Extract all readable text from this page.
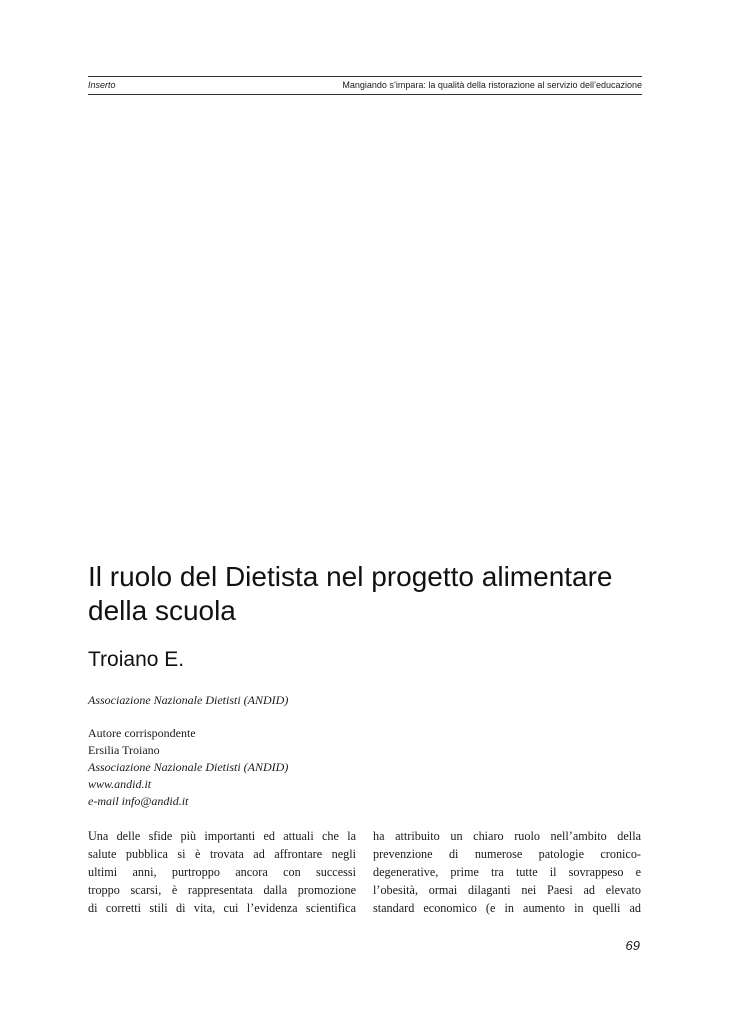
Inserto	Mangiando s’impara: la qualità della ristorazione al servizio dell’educazione
Il ruolo del Dietista nel progetto alimentare
della scuola
Troiano E.
Associazione Nazionale Dietisti (ANDID)
Autore corrispondente
Ersilia Troiano
Associazione Nazionale Dietisti (ANDID)
www.andid.it
e-mail info@andid.it
Una delle sfide più importanti ed attuali che la
salute pubblica si è trovata ad affrontare negli
ultimi anni, purtroppo ancora con successi
troppo scarsi, è rappresentata dalla promozione
di corretti stili di vita, cui l’evidenza scientifica
ha attribuito un chiaro ruolo nell’ambito della
prevenzione di numerose patologie cronico-
degenerative, prime tra tutte il sovrappeso e
l’obesità, ormai dilaganti nei Paesi ad elevato
standard economico (e in aumento in quelli ad
69
